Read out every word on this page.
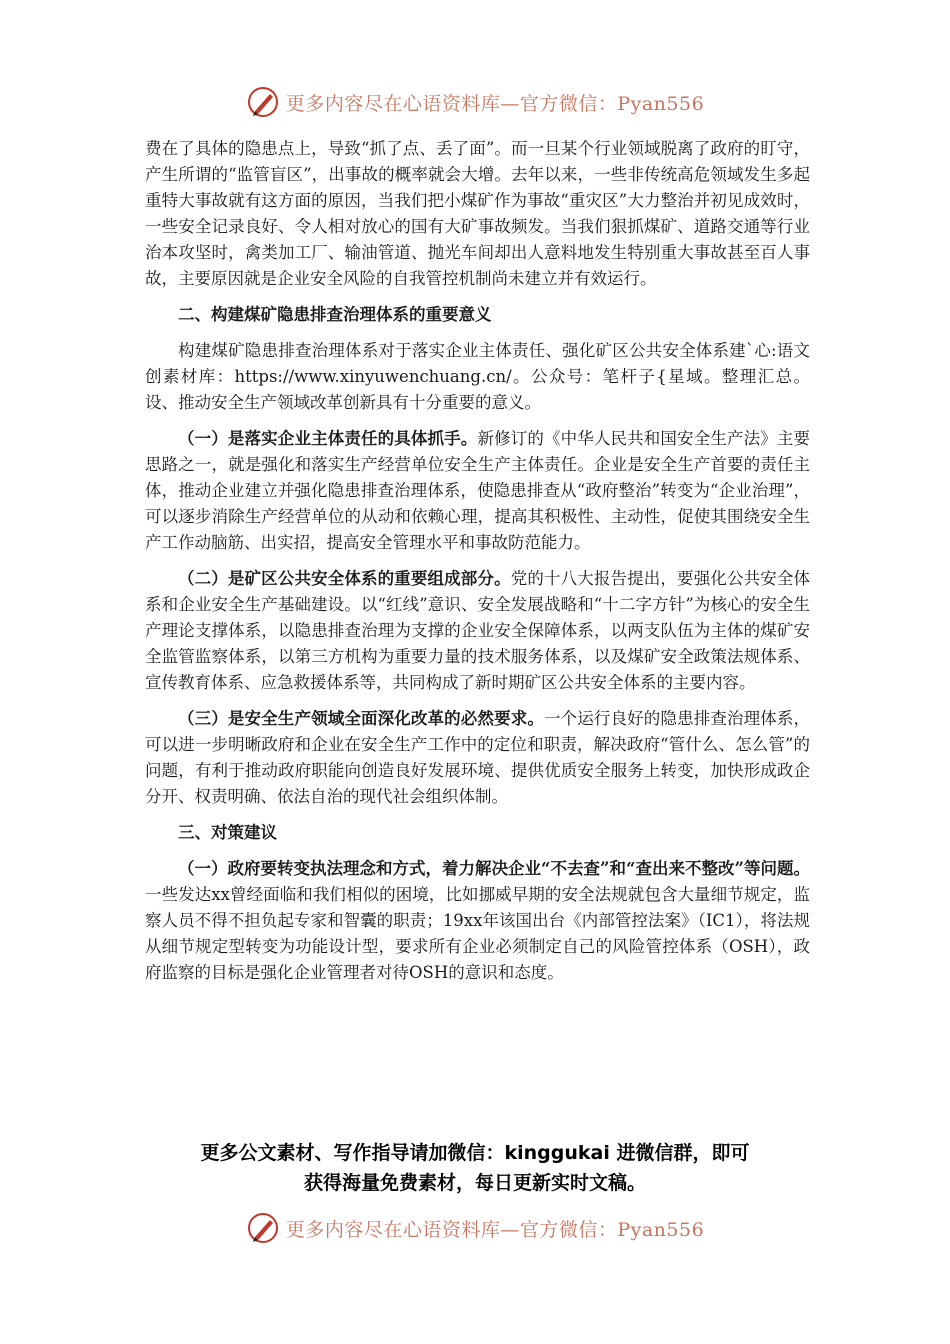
更多内容尽在心语资料库—官方微信：Pyan556

费在了具体的隐患点上，导致“抓了点、丢了面”。而一旦某个行业领域脱离了政府的盯守，产生所谓的“监管盲区”，出事故的概率就会大增。去年以来，一些非传统高危领域发生多起重特大事故就有这方面的原因，当我们把小煤矿作为事故“重灾区”大力整治并初见成效时，一些安全记录良好、令人相对放心的国有大矿事故频发。当我们狠抓煤矿、道路交通等行业治本攻坚时，禽类加工厂、输油管道、抛光车间却出人意料地发生特别重大事故甚至百人事故，主要原因就是企业安全风险的自我管控机制尚未建立并有效运行。

二、构建煤矿隐患排查治理体系的重要意义

构建煤矿隐患排查治理体系对于落实企业主体责任、强化矿区公共安全体系建`心:语文创素材库：https://www.xinyuwenchuang.cn/。公众号：笔杆子{星域。整理汇总。设、推动安全生产领域改革创新具有十分重要的意义。

（一）是落实企业主体责任的具体抓手。新修订的《中华人民共和国安全生产法》主要思路之一，就是强化和落实生产经营单位安全生产主体责任。企业是安全生产首要的责任主体，推动企业建立并强化隐患排查治理体系，使隐患排查从“政府整治”转变为“企业治理”，可以逐步消除生产经营单位的从动和依赖心理，提高其积极性、主动性，促使其围绕安全生产工作动脑筋、出实招，提高安全管理水平和事故防范能力。

（二）是矿区公共安全体系的重要组成部分。党的十八大报告提出，要强化公共安全体系和企业安全生产基础建设。以“红线”意识、安全发展战略和“十二字方针”为核心的安全生产理论支撑体系，以隐患排查治理为支撑的企业安全保障体系，以两支队伍为主体的煤矿安全监管监察体系，以第三方机构为重要力量的技术服务体系，以及煤矿安全政策法规体系、宣传教育体系、应急救援体系等，共同构成了新时期矿区公共安全体系的主要内容。

（三）是安全生产领域全面深化改革的必然要求。一个运行良好的隐患排查治理体系，可以进一步明晰政府和企业在安全生产工作中的定位和职责，解决政府“管什么、怎么管”的问题，有利于推动政府职能向创造良好发展环境、提供优质安全服务上转变，加快形成政企分开、权责明确、依法自治的现代社会组织体制。

三、对策建议

（一）政府要转变执法理念和方式，着力解决企业“不去查”和“查出来不整改”等问题。一些发达xx曾经面临和我们相似的困境，比如挪威早期的安全法规就包含大量细节规定，监察人员不得不担负起专家和智囊的职责；19xx年该国出台《内部管控法案》（IC1），将法规从细节规定型转变为功能设计型，要求所有企业必须制定自己的风险管控体系（OSH），政府监察的目标是强化企业管理者对待OSH的意识和态度。

更多公文素材、写作指导请加微信：kinggukai 进微信群，即可
获得海量免费素材，每日更新实时文稿。
更多内容尽在心语资料库—官方微信：Pyan556
